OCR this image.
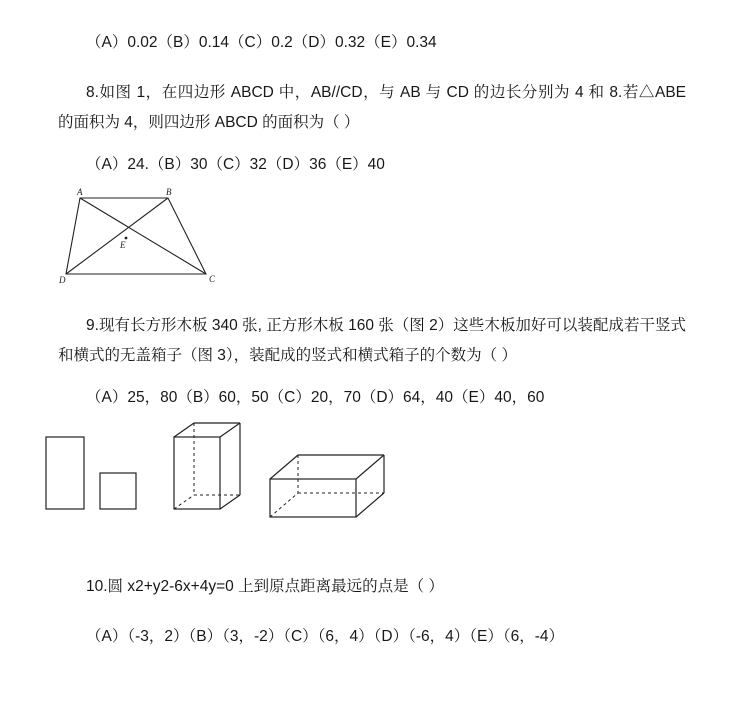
（A）0.02（B）0.14（C）0.2（D）0.32（E）0.34
8.如图 1，在四边形 ABCD 中，AB//CD，与 AB 与 CD 的边长分别为 4 和 8.若△ABE 的面积为 4，则四边形 ABCD 的面积为（ ）
（A）24.（B）30（C）32（D）36（E）40
A	B
C
D
E
9.现有长方形木板 340 张, 正方形木板 160 张（图 2）这些木板加好可以装配成若干竖式和横式的无盖箱子（图 3），装配成的竖式和横式箱子的个数为（ ）
（A）25，80（B）60，50（C）20，70（D）64，40（E）40，60
10.圆 x2+y2-6x+4y=0 上到原点距离最远的点是（ ）
（A）（-3，2）（B）（3，-2）（C）（6，4）（D）（-6，4）（E）（6，-4）
